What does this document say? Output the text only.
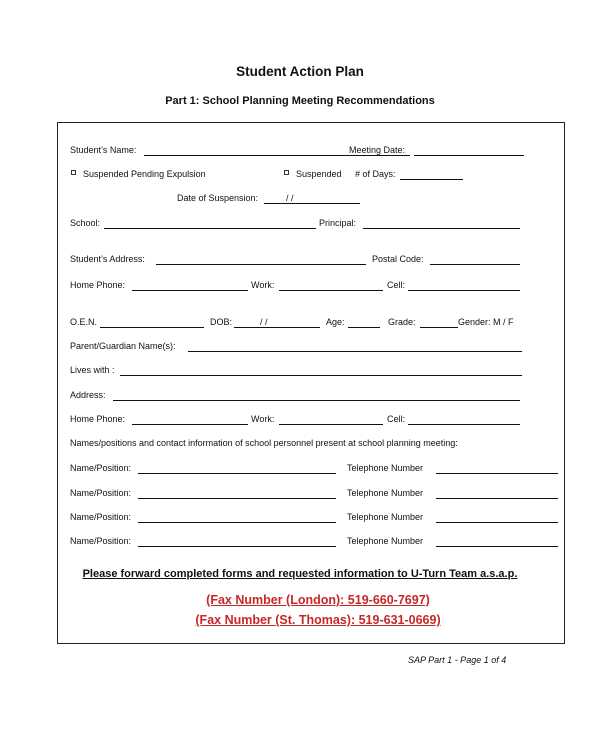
Student Action Plan
Part 1: School Planning Meeting Recommendations
Student’s Name:	Meeting Date:
Suspended Pending Expulsion	Suspended # of Days:
Date of Suspension:	/ /
School:	Principal:
Student’s Address:	Postal Code:
Home Phone:	Work:	Cell:
O.E.N.	DOB:	/ /	Age:	Grade:	Gender: M / F
Parent/Guardian Name(s):
Lives with :
Address:
Home Phone:	Work:	Cell:
Names/positions and contact information of school personnel present at school planning meeting:
Name/Position:	Telephone Number
Name/Position:	Telephone Number
Name/Position:	Telephone Number
Name/Position:	Telephone Number
Please forward completed forms and requested information to U-Turn Team a.s.a.p.
(Fax Number (London): 519-660-7697)
(Fax Number (St. Thomas): 519-631-0669)
SAP Part 1 - Page 1 of 4
